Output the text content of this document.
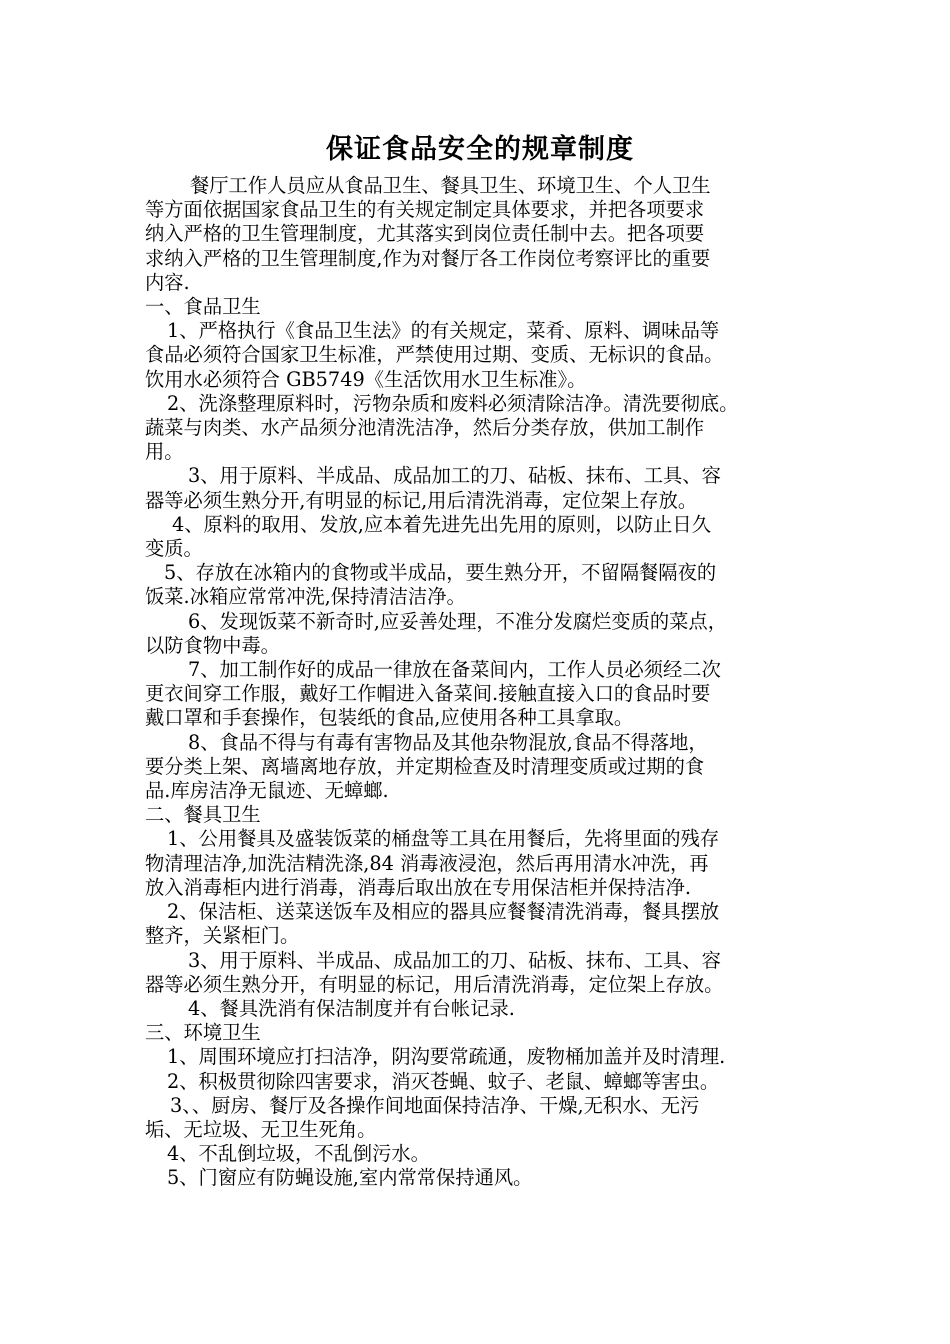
保证食品安全的规章制度

餐厅工作人员应从食品卫生、餐具卫生、环境卫生、个人卫生

等方面依据国家食品卫生的有关规定制定具体要求，并把各项要求

纳入严格的卫生管理制度，尤其落实到岗位责任制中去。把各项要

求纳入严格的卫生管理制度,作为对餐厅各工作岗位考察评比的重要

内容.

一、食品卫生

1、严格执行《食品卫生法》的有关规定，菜肴、原料、调味品等

食品必须符合国家卫生标准，严禁使用过期、变质、无标识的食品。

饮用水必须符合 GB5749《生活饮用水卫生标准》。

2、洗涤整理原料时，污物杂质和废料必须清除洁净。清洗要彻底。

蔬菜与肉类、水产品须分池清洗洁净，然后分类存放，供加工制作

用。

3、用于原料、半成品、成品加工的刀、砧板、抹布、工具、容

器等必须生熟分开,有明显的标记,用后清洗消毒，定位架上存放。

4、原料的取用、发放,应本着先进先出先用的原则，以防止日久

变质。

5、存放在冰箱内的食物或半成品，要生熟分开，不留隔餐隔夜的

饭菜.冰箱应常常冲洗,保持清洁洁净。

6、发现饭菜不新奇时,应妥善处理，不准分发腐烂变质的菜点，

以防食物中毒。

7、加工制作好的成品一律放在备菜间内，工作人员必须经二次

更衣间穿工作服，戴好工作帽进入备菜间.接触直接入口的食品时要

戴口罩和手套操作，包装纸的食品,应使用各种工具拿取。

8、食品不得与有毒有害物品及其他杂物混放,食品不得落地，

要分类上架、离墙离地存放，并定期检查及时清理变质或过期的食

品.库房洁净无鼠迹、无蟑螂.

二、餐具卫生

1、公用餐具及盛装饭菜的桶盘等工具在用餐后，先将里面的残存

物清理洁净,加洗洁精洗涤,84 消毒液浸泡，然后再用清水冲洗，再

放入消毒柜内进行消毒，消毒后取出放在专用保洁柜并保持洁净.

2、保洁柜、送菜送饭车及相应的器具应餐餐清洗消毒，餐具摆放

整齐，关紧柜门。

3、用于原料、半成品、成品加工的刀、砧板、抹布、工具、容

器等必须生熟分开，有明显的标记，用后清洗消毒，定位架上存放。

4、餐具洗消有保洁制度并有台帐记录.

三、环境卫生

1、周围环境应打扫洁净，阴沟要常疏通，废物桶加盖并及时清理.

2、积极贯彻除四害要求，消灭苍蝇、蚊子、老鼠、蟑螂等害虫。

3、、厨房、餐厅及各操作间地面保持洁净、干燥,无积水、无污

垢、无垃圾、无卫生死角。

4、不乱倒垃圾，不乱倒污水。

5、门窗应有防蝇设施,室内常常保持通风。
